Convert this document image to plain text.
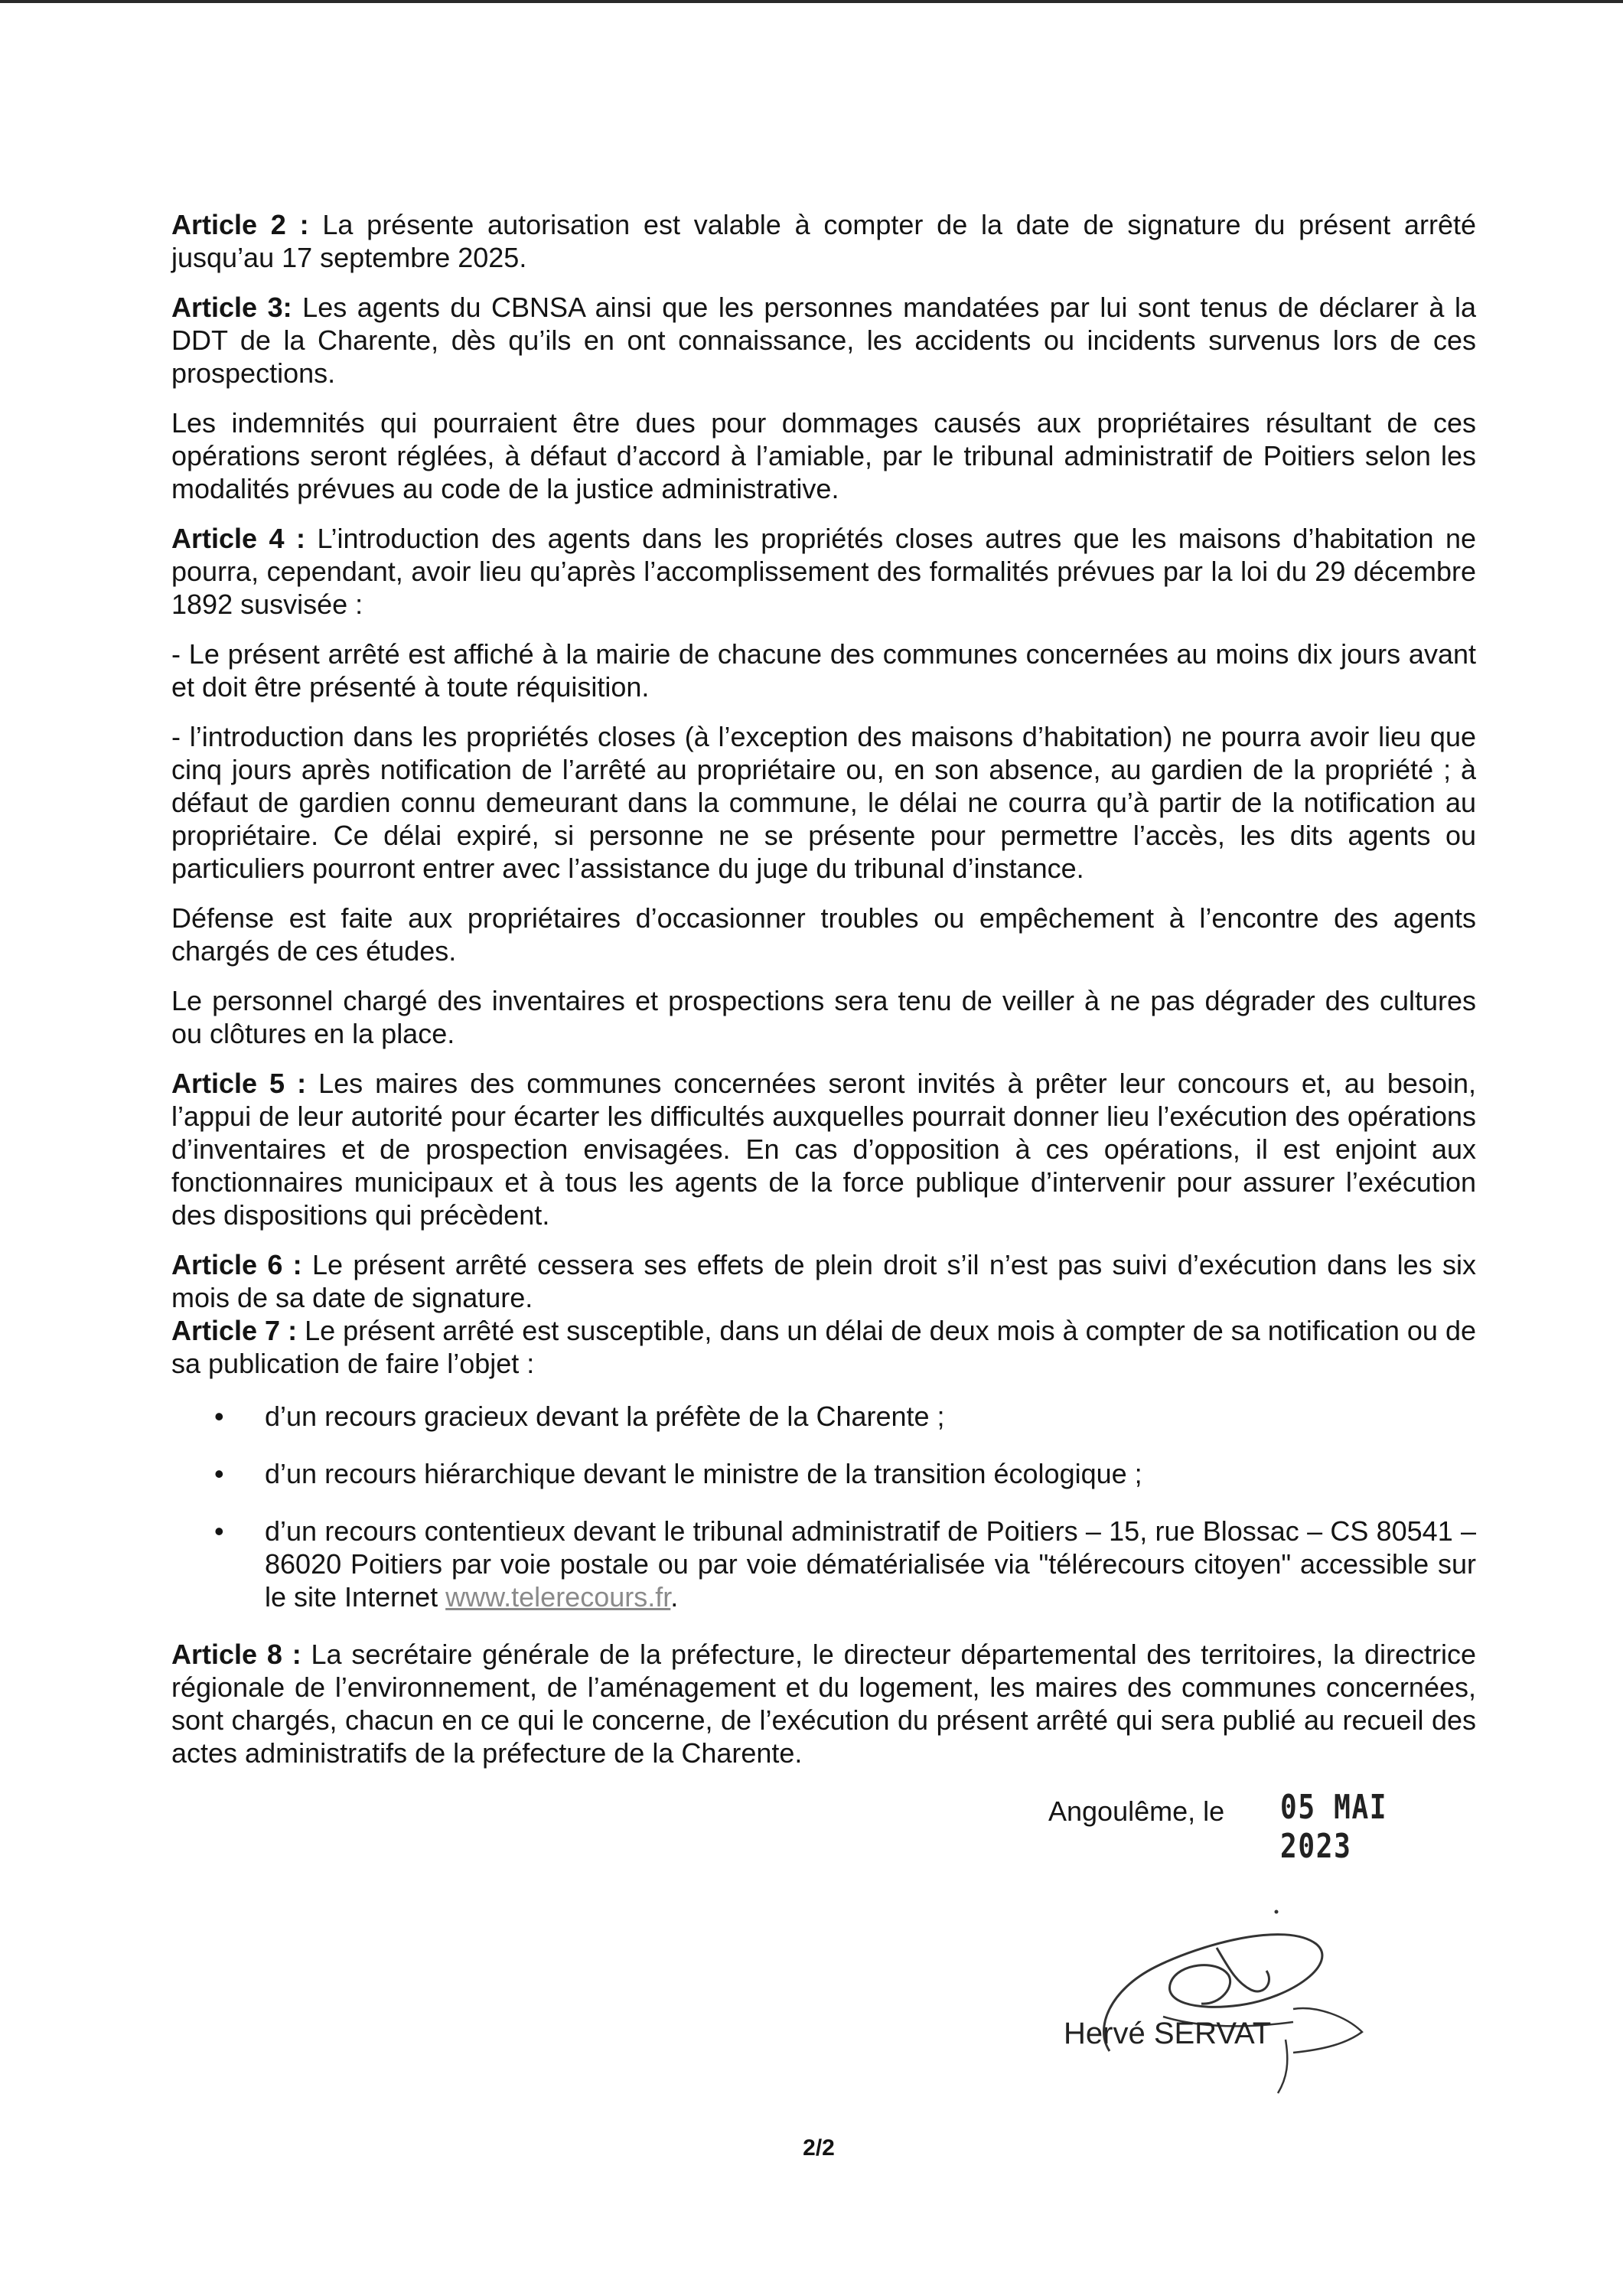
Article 2 : La présente autorisation est valable à compter de la date de signature du présent arrêté jusqu’au 17 septembre 2025.

Article 3: Les agents du CBNSA ainsi que les personnes mandatées par lui sont tenus de déclarer à la DDT de la Charente, dès qu’ils en ont connaissance, les accidents ou incidents survenus lors de ces prospections.

Les indemnités qui pourraient être dues pour dommages causés aux propriétaires résultant de ces opérations seront réglées, à défaut d’accord à l’amiable, par le tribunal administratif de Poitiers selon les modalités prévues au code de la justice administrative.

Article 4 : L’introduction des agents dans les propriétés closes autres que les maisons d’habitation ne pourra, cependant, avoir lieu qu’après l’accomplissement des formalités prévues par la loi du 29 décembre 1892 susvisée :

- Le présent arrêté est affiché à la mairie de chacune des communes concernées au moins dix jours avant et doit être présenté à toute réquisition.

- l’introduction dans les propriétés closes (à l’exception des maisons d’habitation) ne pourra avoir lieu que cinq jours après notification de l’arrêté au propriétaire ou, en son absence, au gardien de la propriété ; à défaut de gardien connu demeurant dans la commune, le délai ne courra qu’à partir de la notification au propriétaire. Ce délai expiré, si personne ne se présente pour permettre l’accès, les dits agents ou particuliers pourront entrer avec l’assistance du juge du tribunal d’instance.

Défense est faite aux propriétaires d’occasionner troubles ou empêchement à l’encontre des agents chargés de ces études.

Le personnel chargé des inventaires et prospections sera tenu de veiller à ne pas dégrader des cultures ou clôtures en la place.

Article 5 : Les maires des communes concernées seront invités à prêter leur concours et, au besoin, l’appui de leur autorité pour écarter les difficultés auxquelles pourrait donner lieu l’exécution des opérations d’inventaires et de prospection envisagées. En cas d’opposition à ces opérations, il est enjoint aux fonctionnaires municipaux et à tous les agents de la force publique d’intervenir pour assurer l’exécution des dispositions qui précèdent.

Article 6 : Le présent arrêté cessera ses effets de plein droit s’il n’est pas suivi d’exécution dans les six mois de sa date de signature.

Article 7 : Le présent arrêté est susceptible, dans un délai de deux mois à compter de sa notification ou de sa publication de faire l’objet :

• d’un recours gracieux devant la préfète de la Charente ;
• d’un recours hiérarchique devant le ministre de la transition écologique ;
• d’un recours contentieux devant le tribunal administratif de Poitiers – 15, rue Blossac – CS 80541 – 86020 Poitiers par voie postale ou par voie dématérialisée via "télérecours citoyen" accessible sur le site Internet www.telerecours.fr.

Article 8 : La secrétaire générale de la préfecture, le directeur départemental des territoires, la directrice régionale de l’environnement, de l’aménagement et du logement, les maires des communes concernées, sont chargés, chacun en ce qui le concerne, de l’exécution du présent arrêté qui sera publié au recueil des actes administratifs de la préfecture de la Charente.

Angoulême, le 05 MAI 2023
Hervé SERVAT
2/2
